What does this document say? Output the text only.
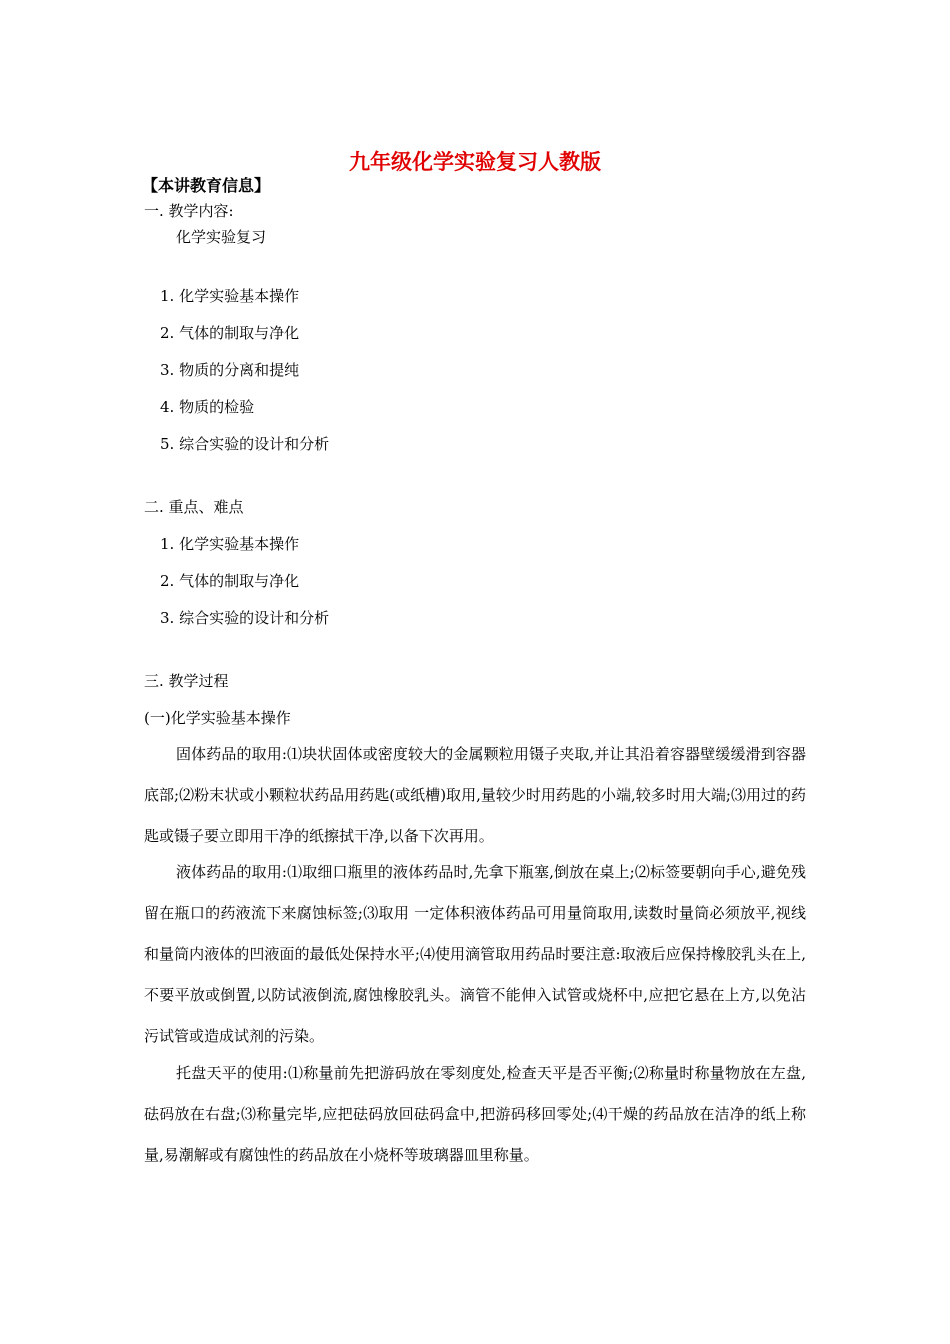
九年级化学实验复习人教版
【本讲教育信息】
一. 教学内容:
化学实验复习
1. 化学实验基本操作
2. 气体的制取与净化
3. 物质的分离和提纯
4. 物质的检验
5. 综合实验的设计和分析
二. 重点、难点
1. 化学实验基本操作
2. 气体的制取与净化
3. 综合实验的设计和分析
三. 教学过程
(一)化学实验基本操作
固体药品的取用:⑴块状固体或密度较大的金属颗粒用镊子夹取,并让其沿着容器壁缓缓滑到容器底部;⑵粉末状或小颗粒状药品用药匙(或纸槽)取用,量较少时用药匙的小端,较多时用大端;⑶用过的药匙或镊子要立即用干净的纸擦拭干净,以备下次再用。
液体药品的取用:⑴取细口瓶里的液体药品时,先拿下瓶塞,倒放在桌上;⑵标签要朝向手心,避免残留在瓶口的药液流下来腐蚀标签;⑶取用 一定体积液体药品可用量筒取用,读数时量筒必须放平,视线和量筒内液体的凹液面的最低处保持水平;⑷使用滴管取用药品时要注意:取液后应保持橡胶乳头在上,不要平放或倒置,以防试液倒流,腐蚀橡胶乳头。滴管不能伸入试管或烧杯中,应把它悬在上方,以免沾污试管或造成试剂的污染。
托盘天平的使用:⑴称量前先把游码放在零刻度处,检查天平是否平衡;⑵称量时称量物放在左盘,砝码放在右盘;⑶称量完毕,应把砝码放回砝码盒中,把游码移回零处;⑷干燥的药品放在洁净的纸上称量,易潮解或有腐蚀性的药品放在小烧杯等玻璃器皿里称量。
